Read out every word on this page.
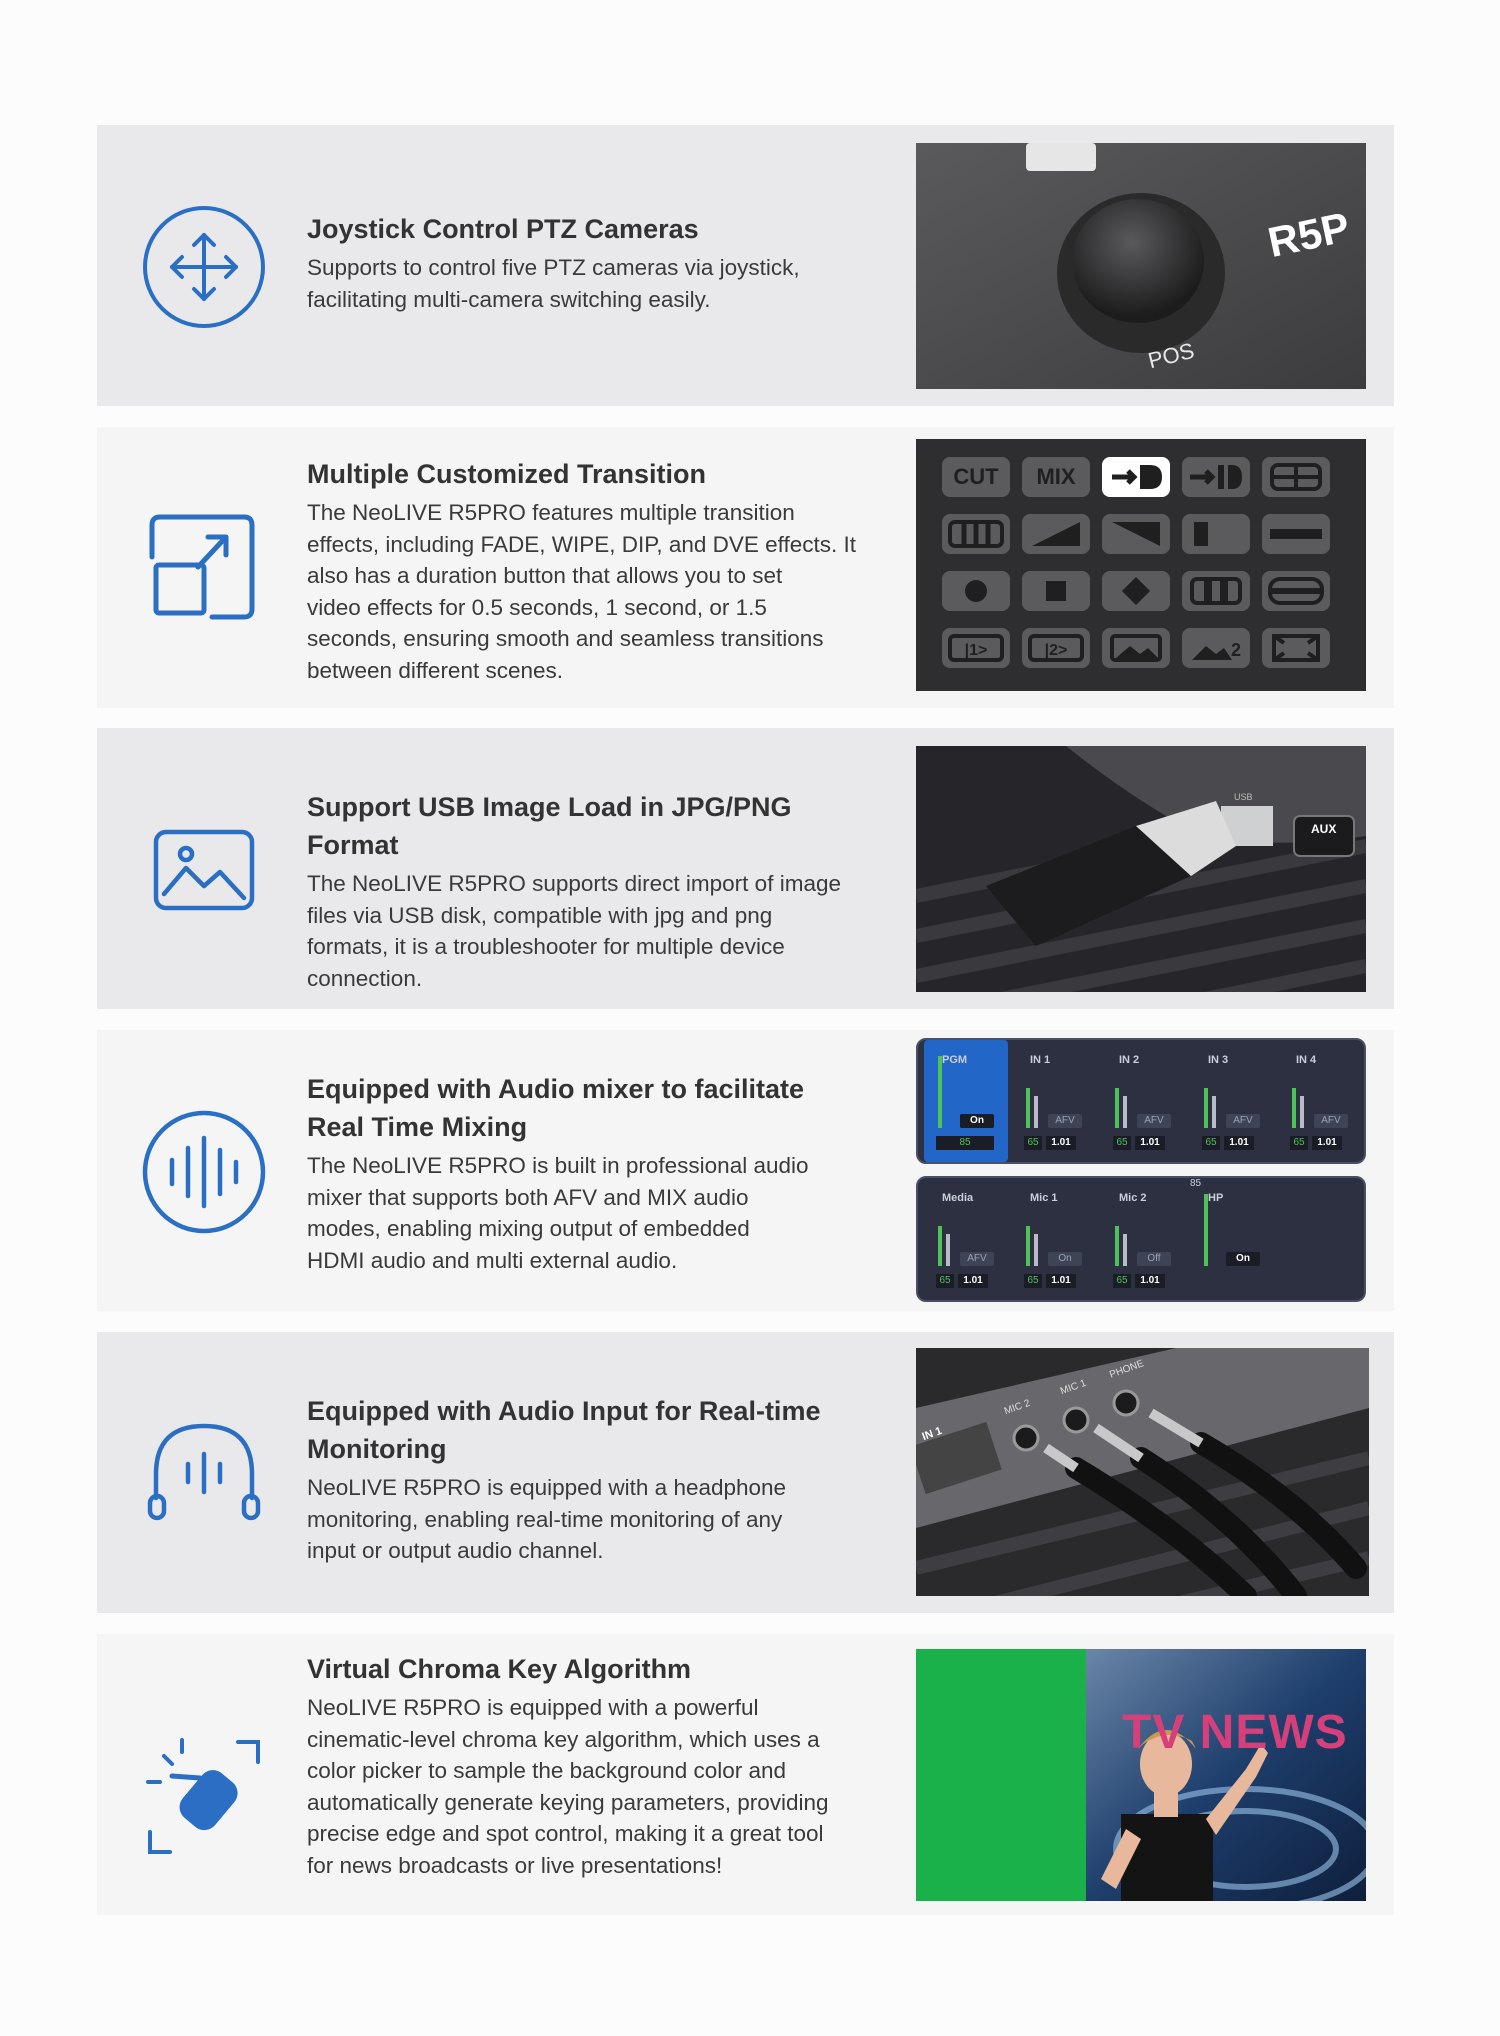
Joystick Control PTZ Cameras

Supports to control five PTZ cameras via joystick,
facilitating multi-camera switching easily.

R5P
POS
Multiple Customized Transition

The NeoLIVE R5PRO features multiple transition
effects, including FADE, WIPE, DIP, and DVE effects. It
also has a duration button that allows you to set
video effects for 0.5 seconds, 1 second, or 1.5
seconds, ensuring smooth and seamless transitions
between different scenes.

CUT	MIX
|1>	|2>	2
Support USB Image Load in JPG/PNG Format

The NeoLIVE R5PRO supports direct import of image
files via USB disk, compatible with jpg and png
formats, it is a troubleshooter for multiple device
connection.

USB
AUX
Equipped with Audio mixer to facilitate
Real Time Mixing

The NeoLIVE R5PRO is built in professional audio
mixer that supports both AFV and MIX audio
modes, enabling mixing output of embedded
HDMI audio and multi external audio.

PGM
On
85
IN 1
AFV
65	1.01
IN 2
AFV
65	1.01
IN 3
AFV
65	1.01
IN 4
AFV
65	1.01
Media
AFV
65	1.01
Mic 1
On
65	1.01
Mic 2
Off
65	1.01
HP
On
85
Equipped with Audio Input for Real-time
Monitoring

NeoLIVE R5PRO is equipped with a headphone
monitoring, enabling real-time monitoring of any
input or output audio channel.

MIC 2
MIC 1
PHONE
IN 1
Virtual Chroma Key Algorithm

NeoLIVE R5PRO is equipped with a powerful
cinematic-level chroma key algorithm, which uses a
color picker to sample the background color and
automatically generate keying parameters, providing
precise edge and spot control, making it a great tool
for news broadcasts or live presentations!

TV NEWS
